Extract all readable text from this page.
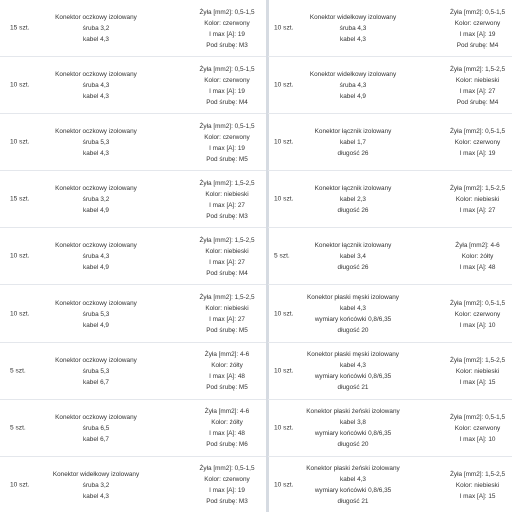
15 szt.
Konektor oczkowy izolowany
śruba 3,2
kabel 4,3
Żyła [mm2]: 0,5-1,5
Kolor: czerwony
I max [A]: 19
Pod śrubę: M3
10 szt.
Konektor oczkowy izolowany
śruba 4,3
kabel 4,3
Żyła [mm2]: 0,5-1,5
Kolor: czerwony
I max [A]: 19
Pod śrubę: M4
10 szt.
Konektor oczkowy izolowany
śruba 5,3
kabel 4,3
Żyła [mm2]: 0,5-1,5
Kolor: czerwony
I max [A]: 19
Pod śrubę: M5
15 szt.
Konektor oczkowy izolowany
śruba 3,2
kabel 4,9
Żyła [mm2]: 1,5-2,5
Kolor: niebieski
I max [A]: 27
Pod śrubę: M3
10 szt.
Konektor oczkowy izolowany
śruba 4,3
kabel 4,9
Żyła [mm2]: 1,5-2,5
Kolor: niebieski
I max [A]: 27
Pod śrubę: M4
10 szt.
Konektor oczkowy izolowany
śruba 5,3
kabel 4,9
Żyła [mm2]: 1,5-2,5
Kolor: niebieski
I max [A]: 27
Pod śrubę: M5
5 szt.
Konektor oczkowy izolowany
śruba 5,3
kabel 6,7
Żyła [mm2]: 4-6
Kolor: żółty
I max [A]: 48
Pod śrubę: M5
5 szt.
Konektor oczkowy izolowany
śruba 6,5
kabel 6,7
Żyła [mm2]: 4-6
Kolor: żółty
I max [A]: 48
Pod śrubę: M6
10 szt.
Konektor widełkowy izolowany
śruba 3,2
kabel 4,3
Żyła [mm2]: 0,5-1,5
Kolor: czerwony
I max [A]: 19
Pod śrubę: M3
10 szt.
Konektor widełkowy izolowany
śruba 4,3
kabel 4,3
Żyła [mm2]: 0,5-1,5
Kolor: czerwony
I max [A]: 19
Pod śrubę: M4
10 szt.
Konektor widełkowy izolowany
śruba 4,3
kabel 4,9
Żyła [mm2]: 1,5-2,5
Kolor: niebieski
I max [A]: 27
Pod śrubę: M4
10 szt.
Konektor łącznik izolowany
kabel 1,7
długość 26
Żyła [mm2]: 0,5-1,5
Kolor: czerwony
I max [A]: 19
10 szt.
Konektor łącznik izolowany
kabel 2,3
długość 26
Żyła [mm2]: 1,5-2,5
Kolor: niebieski
I max [A]: 27
5 szt.
Konektor łącznik izolowany
kabel 3,4
długość 26
Żyła [mm2]: 4-6
Kolor: żółty
I max [A]: 48
10 szt.
Konektor płaski męski izolowany
kabel 4,3
wymiary końcówki 0,8/6,35
długość 20
Żyła [mm2]: 0,5-1,5
Kolor: czerwony
I max [A]: 10
10 szt.
Konektor płaski męski izolowany
kabel 4,3
wymiary końcówki 0,8/6,35
długość 21
Żyła [mm2]: 1,5-2,5
Kolor: niebieski
I max [A]: 15
10 szt.
Konektor płaski żeński izolowany
kabel 3,8
wymiary końcówki 0,8/6,35
długość 20
Żyła [mm2]: 0,5-1,5
Kolor: czerwony
I max [A]: 10
10 szt.
Konektor płaski żeński izolowany
kabel 4,3
wymiary końcówki 0,8/6,35
długość 21
Żyła [mm2]: 1,5-2,5
Kolor: niebieski
I max [A]: 15
